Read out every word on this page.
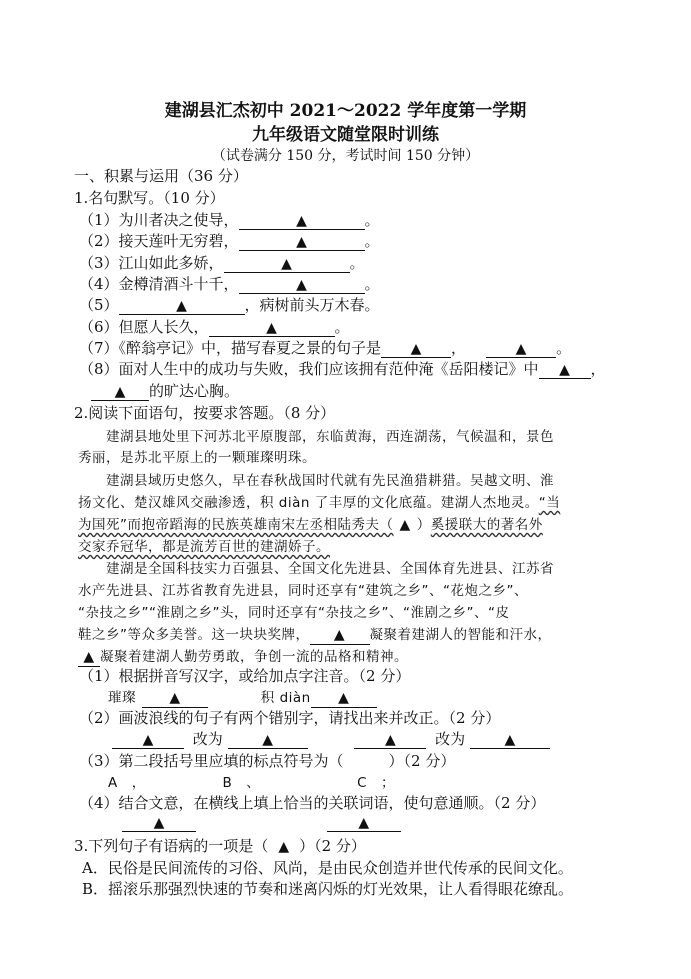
建湖县汇杰初中 2021～2022 学年度第一学期
九年级语文随堂限时训练
（试卷满分 150 分，考试时间 150 分钟）
一、积累与运用（36 分）
1.名句默写。（10 分）
（1）为川者决之使导，	▲	。
（2）接天莲叶无穷碧，	▲	。
（3）江山如此多娇，	▲	。
（4）金樽清酒斗十千，	▲	。
（5）	▲	，病树前头万木春。
（6）但愿人长久，	▲	。
（7）《醉翁亭记》中，描写春夏之景的句子是 ▲ ，	▲ 。
（8）面对人生中的成功与失败，我们应该拥有范仲淹《岳阳楼记》中 ▲ ，
▲ 的旷达心胸。
2.阅读下面语句，按要求答题。（8 分）
建湖县地处里下河苏北平原腹部，东临黄海，西连湖荡，气候温和，景色
秀丽，是苏北平原上的一颗璀璨明珠。
建湖县域历史悠久，早在春秋战国时代就有先民渔猎耕猎。吴越文明、淮
扬文化、楚汉雄风交融渗透，积 diàn 了丰厚的文化底蕴。建湖人杰地灵。“当
为国死”而抱帝蹈海的民族英雄南宋左丞相陆秀夫（ ▲ ）奚援联大的著名外
交家乔冠华，都是流芳百世的建湖娇子。
建湖是全国科技实力百强县、全国文化先进县、全国体育先进县、江苏省
水产先进县、江苏省教育先进县，同时还享有“建筑之乡”、“花炮之乡”、
“杂技之乡”“淮剧之乡”头，同时还享有“杂技之乡”、“淮剧之乡”、“皮
鞋之乡”等众多美誉。这一块块奖牌， ▲ 凝聚着建湖人的智能和汗水，
▲ 凝聚着建湖人勤劳勇敢，争创一流的品格和精神。
（1）根据拼音写汉字，或给加点字注音。（2 分）
璀璨 ▲	积 diàn ▲
（2）画波浪线的句子有两个错别字，请找出来并改正。（2 分）
▲	改为	▲	▲	改为	▲
（3）第二段括号里应填的标点符号为（　　　）（2 分）
A　，	B　、	C　；
（4）结合文意，在横线上填上恰当的关联词语，使句意通顺。（2 分）
▲	▲
3.下列句子有语病的一项是（ ▲ ）（2 分）
A．民俗是民间流传的习俗、风尚，是由民众创造并世代传承的民间文化。
B．摇滚乐那强烈快速的节奏和迷离闪烁的灯光效果，让人看得眼花缭乱。
